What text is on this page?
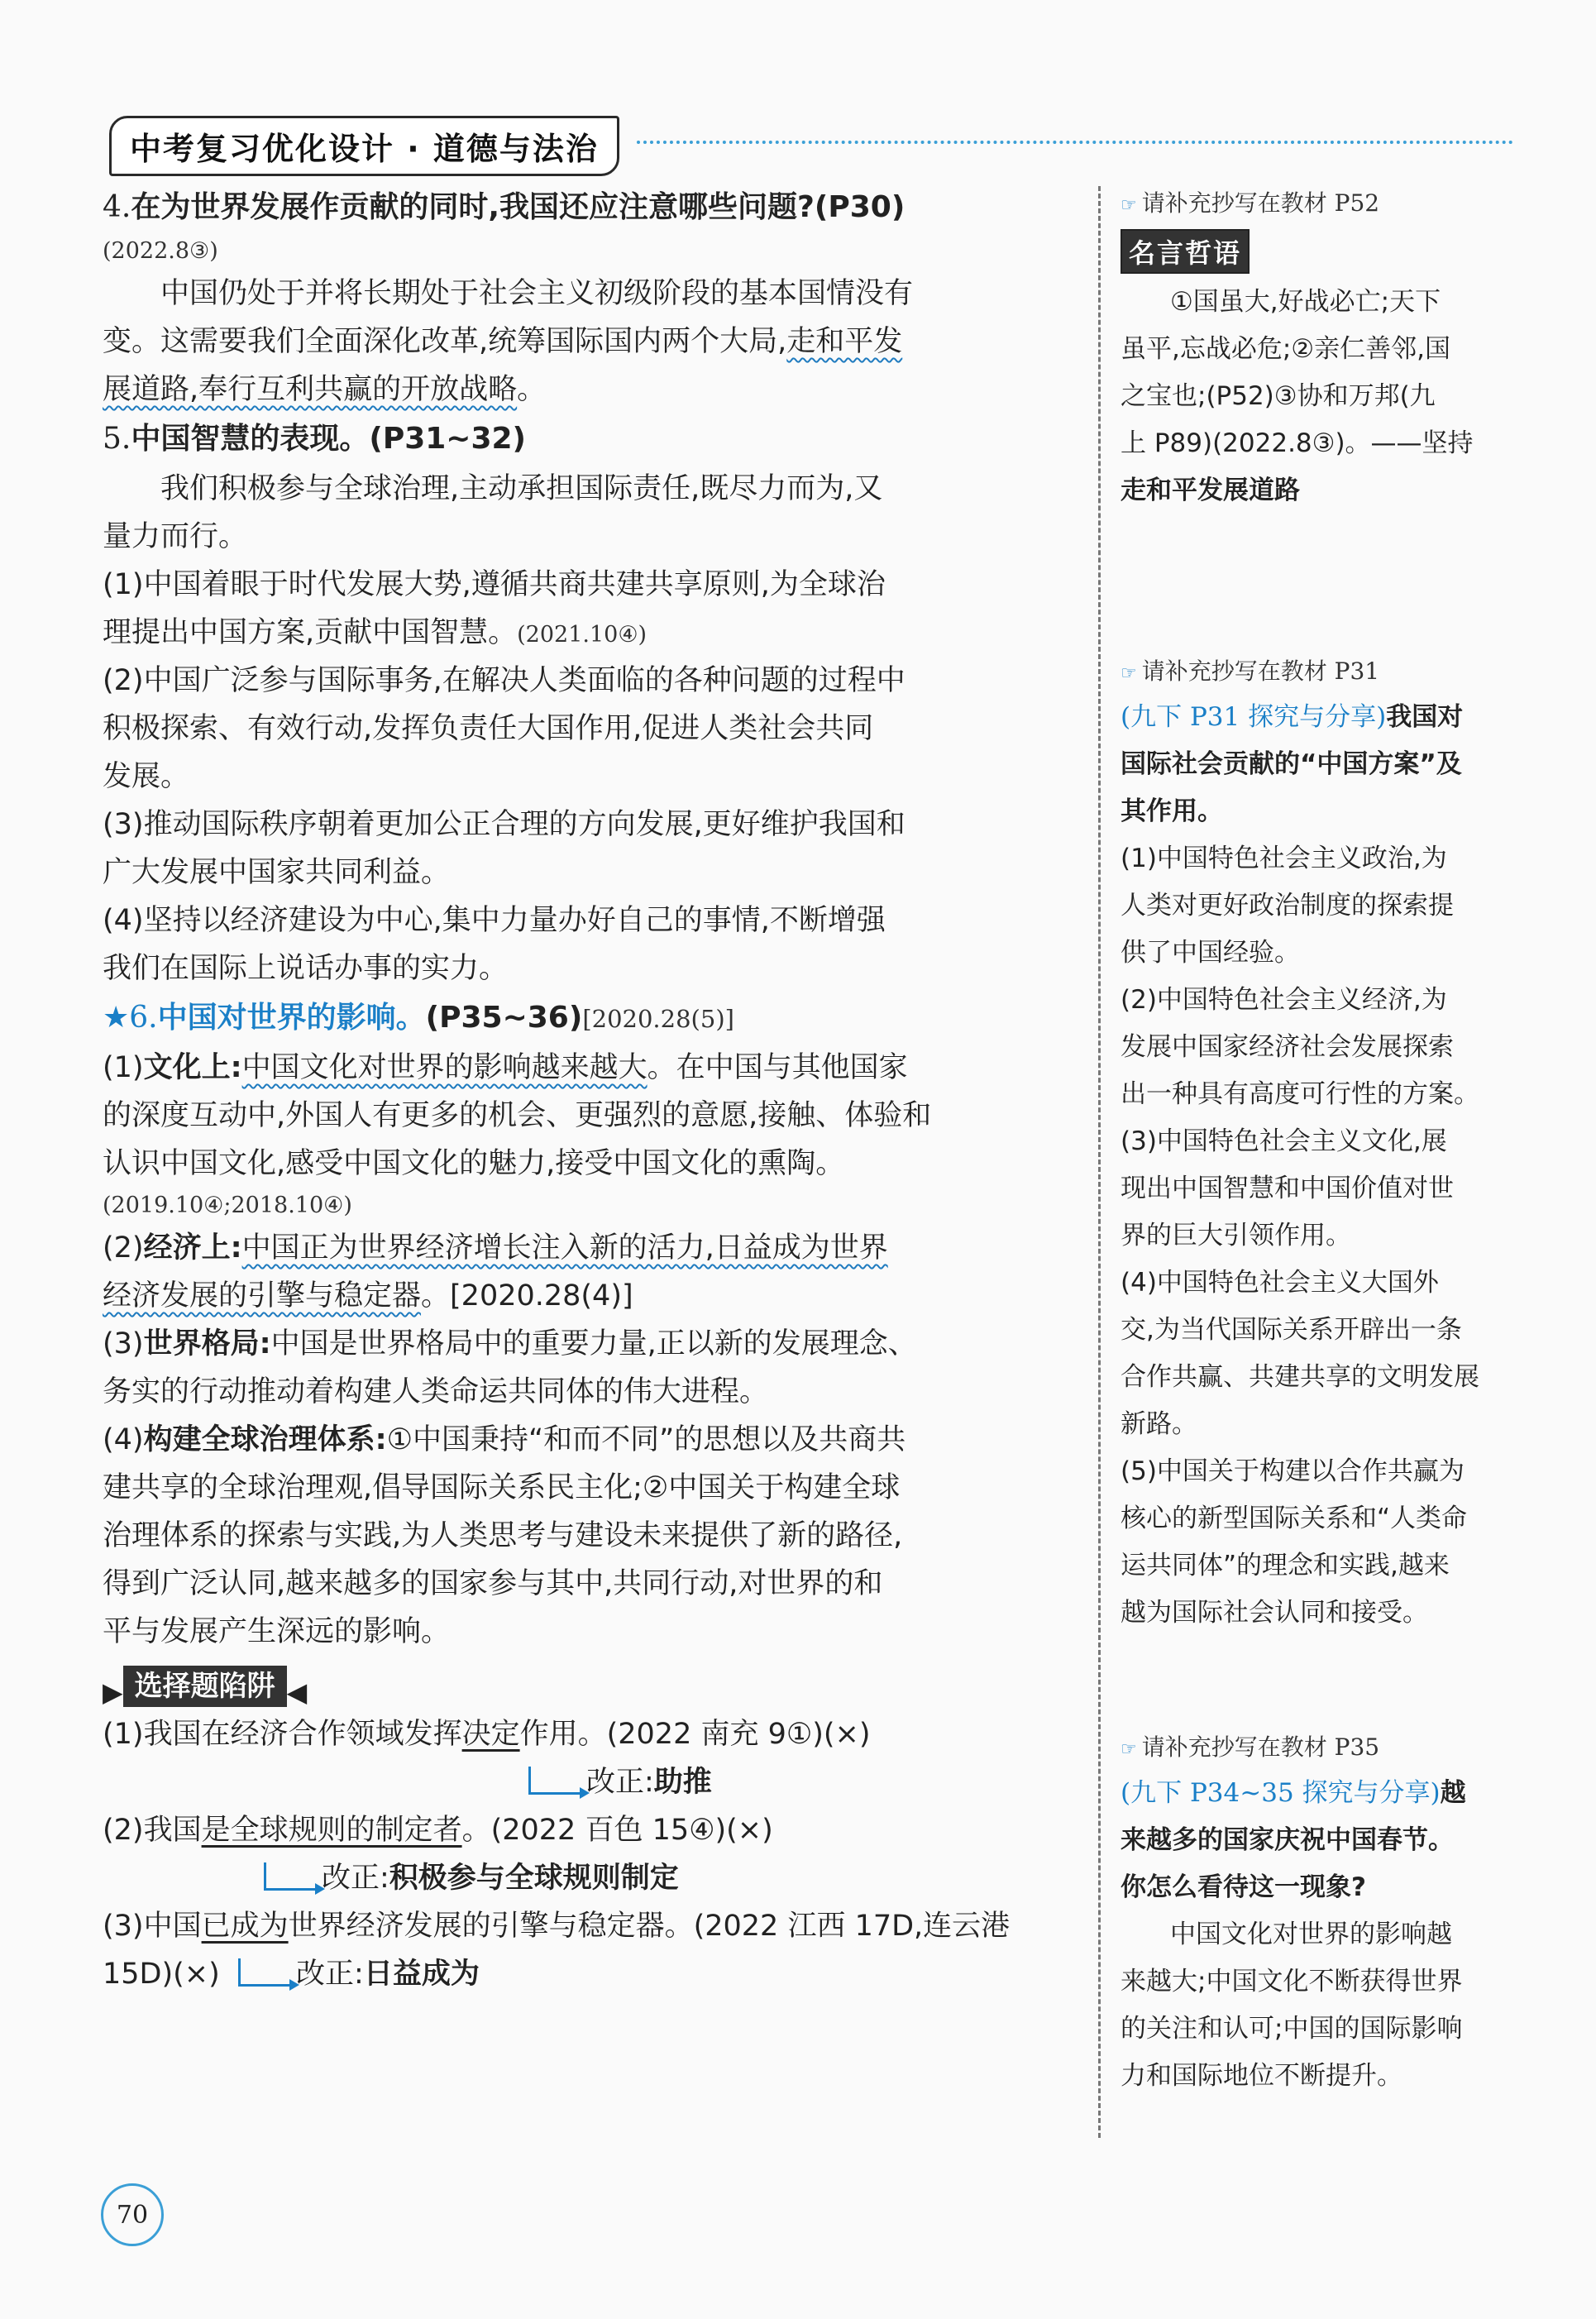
中考复习优化设计 · 道德与法治
4.在为世界发展作贡献的同时,我国还应注意哪些问题?(P30)
(2022.8③)
中国仍处于并将长期处于社会主义初级阶段的基本国情没有
变。这需要我们全面深化改革,统筹国际国内两个大局,走和平发
展道路,奉行互利共赢的开放战略。
5.中国智慧的表现。(P31~32)
我们积极参与全球治理,主动承担国际责任,既尽力而为,又
量力而行。
(1)中国着眼于时代发展大势,遵循共商共建共享原则,为全球治
理提出中国方案,贡献中国智慧。(2021.10④)
(2)中国广泛参与国际事务,在解决人类面临的各种问题的过程中
积极探索、有效行动,发挥负责任大国作用,促进人类社会共同
发展。
(3)推动国际秩序朝着更加公正合理的方向发展,更好维护我国和
广大发展中国家共同利益。
(4)坚持以经济建设为中心,集中力量办好自己的事情,不断增强
我们在国际上说话办事的实力。
★6.中国对世界的影响。(P35~36)[2020.28(5)]
(1)文化上:中国文化对世界的影响越来越大。在中国与其他国家
的深度互动中,外国人有更多的机会、更强烈的意愿,接触、体验和
认识中国文化,感受中国文化的魅力,接受中国文化的熏陶。
(2019.10④;2018.10④)
(2)经济上:中国正为世界经济增长注入新的活力,日益成为世界
经济发展的引擎与稳定器。[2020.28(4)]
(3)世界格局:中国是世界格局中的重要力量,正以新的发展理念、
务实的行动推动着构建人类命运共同体的伟大进程。
(4)构建全球治理体系:①中国秉持“和而不同”的思想以及共商共
建共享的全球治理观,倡导国际关系民主化;②中国关于构建全球
治理体系的探索与实践,为人类思考与建设未来提供了新的路径,
得到广泛认同,越来越多的国家参与其中,共同行动,对世界的和
平与发展产生深远的影响。
▶ 选择题陷阱 ◀
(1)我国在经济合作领域发挥决定作用。(2022 南充 9①)(×)
改正:助推
(2)我国是全球规则的制定者。(2022 百色 15④)(×)
改正:积极参与全球规则制定
(3)中国已成为世界经济发展的引擎与稳定器。(2022 江西 17D,连云港
15D)(×)	改正:日益成为
☞ 请补充抄写在教材 P52
名言哲语
①国虽大,好战必亡;天下
虽平,忘战必危;②亲仁善邻,国
之宝也;(P52)③协和万邦(九
上 P89)(2022.8③)。——坚持
走和平发展道路
☞ 请补充抄写在教材 P31
(九下 P31 探究与分享)我国对
国际社会贡献的“中国方案”及
其作用。
(1)中国特色社会主义政治,为
人类对更好政治制度的探索提
供了中国经验。
(2)中国特色社会主义经济,为
发展中国家经济社会发展探索
出一种具有高度可行性的方案。
(3)中国特色社会主义文化,展
现出中国智慧和中国价值对世
界的巨大引领作用。
(4)中国特色社会主义大国外
交,为当代国际关系开辟出一条
合作共赢、共建共享的文明发展
新路。
(5)中国关于构建以合作共赢为
核心的新型国际关系和“人类命
运共同体”的理念和实践,越来
越为国际社会认同和接受。
☞ 请补充抄写在教材 P35
(九下 P34~35 探究与分享)越
来越多的国家庆祝中国春节。
你怎么看待这一现象?
中国文化对世界的影响越
来越大;中国文化不断获得世界
的关注和认可;中国的国际影响
力和国际地位不断提升。
70
